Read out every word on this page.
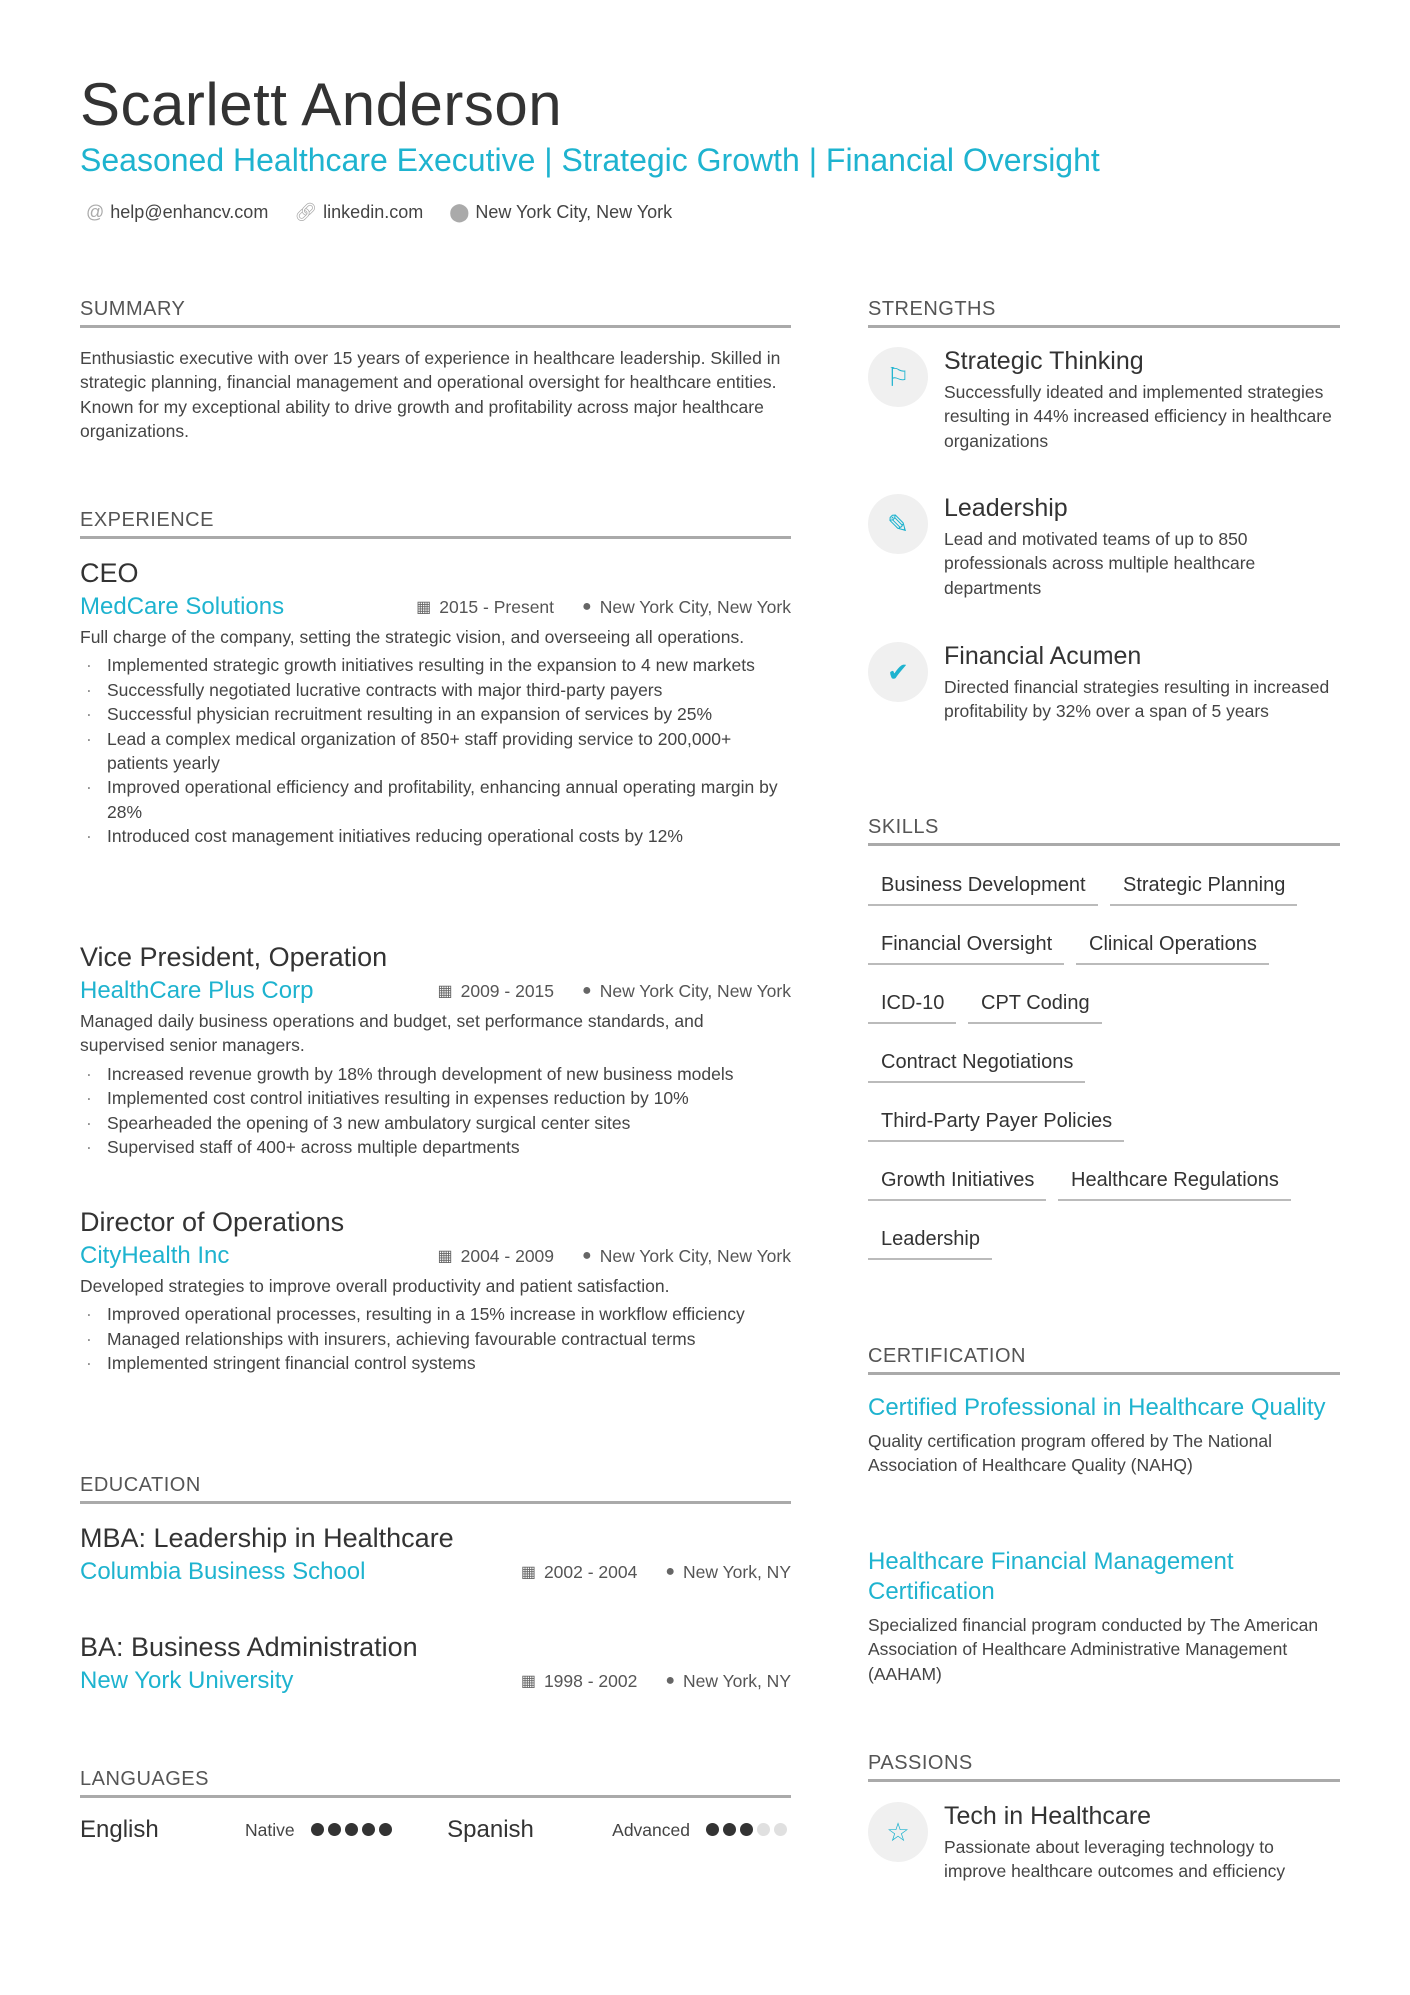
Scarlett Anderson
Seasoned Healthcare Executive | Strategic Growth | Financial Oversight
@ help@enhancv.com 🔗︎ linkedin.com ⬤ New York City, New York
SUMMARY
Enthusiastic executive with over 15 years of experience in healthcare leadership. Skilled in strategic planning, financial management and operational oversight for healthcare entities. Known for my exceptional ability to drive growth and profitability across major healthcare organizations.
EXPERIENCE
CEO
MedCare Solutions	▦ 2015 - Present ● New York City, New York
Full charge of the company, setting the strategic vision, and overseeing all operations.
· Implemented strategic growth initiatives resulting in the expansion to 4 new markets
· Successfully negotiated lucrative contracts with major third-party payers
· Successful physician recruitment resulting in an expansion of services by 25%
· Lead a complex medical organization of 850+ staff providing service to 200,000+ patients yearly
· Improved operational efficiency and profitability, enhancing annual operating margin by 28%
· Introduced cost management initiatives reducing operational costs by 12%
Vice President, Operation
HealthCare Plus Corp	▦ 2009 - 2015 ● New York City, New York
Managed daily business operations and budget, set performance standards, and supervised senior managers.
· Increased revenue growth by 18% through development of new business models
· Implemented cost control initiatives resulting in expenses reduction by 10%
· Spearheaded the opening of 3 new ambulatory surgical center sites
· Supervised staff of 400+ across multiple departments
Director of Operations
CityHealth Inc	▦ 2004 - 2009 ● New York City, New York
Developed strategies to improve overall productivity and patient satisfaction.
· Improved operational processes, resulting in a 15% increase in workflow efficiency
· Managed relationships with insurers, achieving favourable contractual terms
· Implemented stringent financial control systems
EDUCATION
MBA: Leadership in Healthcare
Columbia Business School	▦ 2002 - 2004 ● New York, NY
BA: Business Administration
New York University	▦ 1998 - 2002 ● New York, NY
LANGUAGES
English	Native	Spanish	Advanced
STRENGTHS
⚐
Strategic Thinking
Successfully ideated and implemented strategies resulting in 44% increased efficiency in healthcare organizations
✎
Leadership
Lead and motivated teams of up to 850 professionals across multiple healthcare departments
✔
Financial Acumen
Directed financial strategies resulting in increased profitability by 32% over a span of 5 years
SKILLS
Business Development	Strategic Planning
Financial Oversight	Clinical Operations
ICD-10	CPT Coding
Contract Negotiations
Third-Party Payer Policies
Growth Initiatives	Healthcare Regulations
Leadership
CERTIFICATION
Certified Professional in Healthcare Quality
Quality certification program offered by The National Association of Healthcare Quality (NAHQ)
Healthcare Financial Management Certification
Specialized financial program conducted by The American Association of Healthcare Administrative Management (AAHAM)
PASSIONS
☆
Tech in Healthcare
Passionate about leveraging technology to improve healthcare outcomes and efficiency
